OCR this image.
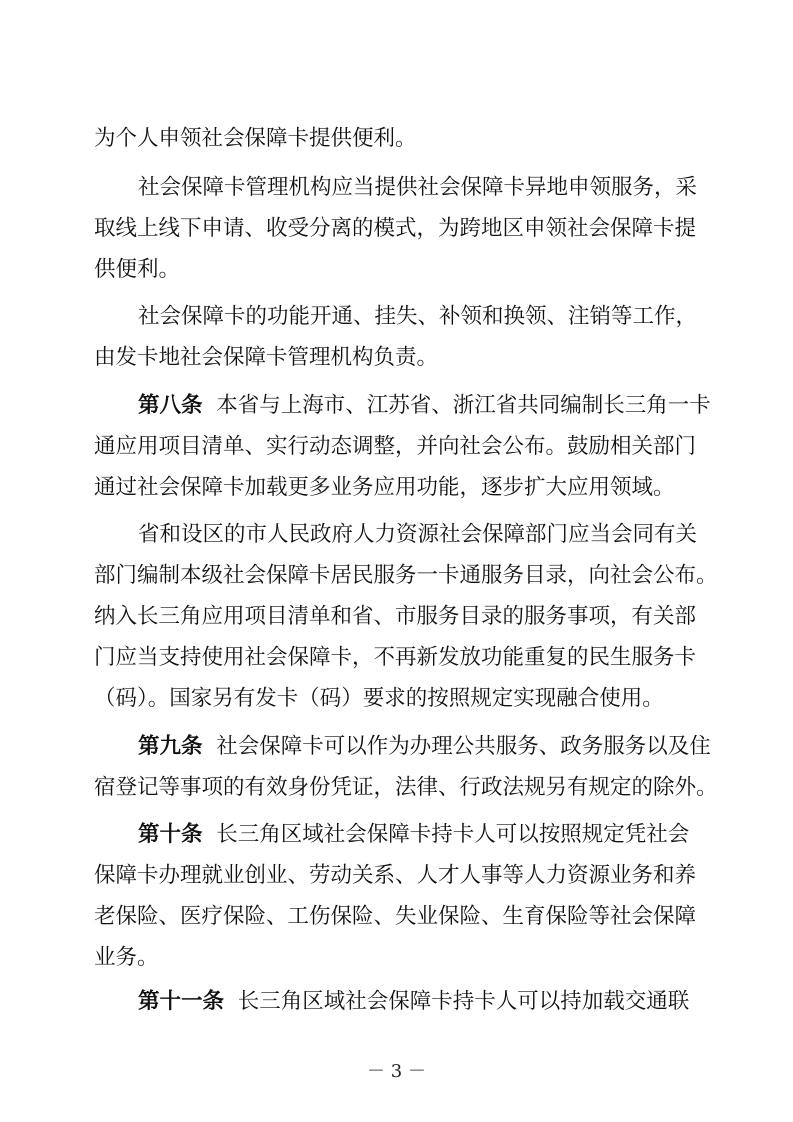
为个人申领社会保障卡提供便利。
社会保障卡管理机构应当提供社会保障卡异地申领服务，采
取线上线下申请、收受分离的模式，为跨地区申领社会保障卡提
供便利。
社会保障卡的功能开通、挂失、补领和换领、注销等工作，
由发卡地社会保障卡管理机构负责。
第八条 本省与上海市、江苏省、浙江省共同编制长三角一卡
通应用项目清单、实行动态调整，并向社会公布。鼓励相关部门
通过社会保障卡加载更多业务应用功能，逐步扩大应用领域。
省和设区的市人民政府人力资源社会保障部门应当会同有关
部门编制本级社会保障卡居民服务一卡通服务目录，向社会公布。
纳入长三角应用项目清单和省、市服务目录的服务事项，有关部
门应当支持使用社会保障卡，不再新发放功能重复的民生服务卡
（码）。国家另有发卡（码）要求的按照规定实现融合使用。
第九条 社会保障卡可以作为办理公共服务、政务服务以及住
宿登记等事项的有效身份凭证，法律、行政法规另有规定的除外。
第十条 长三角区域社会保障卡持卡人可以按照规定凭社会
保障卡办理就业创业、劳动关系、人才人事等人力资源业务和养
老保险、医疗保险、工伤保险、失业保险、生育保险等社会保障
业务。
第十一条 长三角区域社会保障卡持卡人可以持加载交通联
－ 3 －
